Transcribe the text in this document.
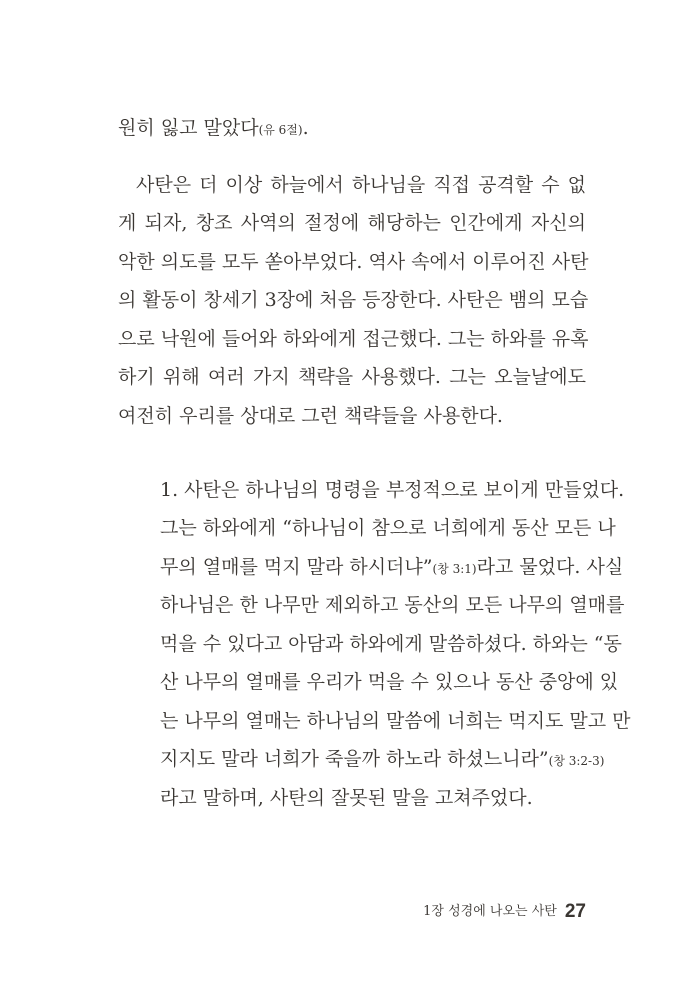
원히 잃고 말았다(유 6절).
사탄은 더 이상 하늘에서 하나님을 직접 공격할 수 없
게 되자, 창조 사역의 절정에 해당하는 인간에게 자신의
악한 의도를 모두 쏟아부었다. 역사 속에서 이루어진 사탄
의 활동이 창세기 3장에 처음 등장한다. 사탄은 뱀의 모습
으로 낙원에 들어와 하와에게 접근했다. 그는 하와를 유혹
하기 위해 여러 가지 책략을 사용했다. 그는 오늘날에도
여전히 우리를 상대로 그런 책략들을 사용한다.
1. 사탄은 하나님의 명령을 부정적으로 보이게 만들었다.
그는 하와에게 “하나님이 참으로 너희에게 동산 모든 나
무의 열매를 먹지 말라 하시더냐”(창 3:1)라고 물었다. 사실
하나님은 한 나무만 제외하고 동산의 모든 나무의 열매를
먹을 수 있다고 아담과 하와에게 말씀하셨다. 하와는 “동
산 나무의 열매를 우리가 먹을 수 있으나 동산 중앙에 있
는 나무의 열매는 하나님의 말씀에 너희는 먹지도 말고 만
지지도 말라 너희가 죽을까 하노라 하셨느니라”(창 3:2-3)
라고 말하며, 사탄의 잘못된 말을 고쳐주었다.
1장 성경에 나오는 사탄 27
